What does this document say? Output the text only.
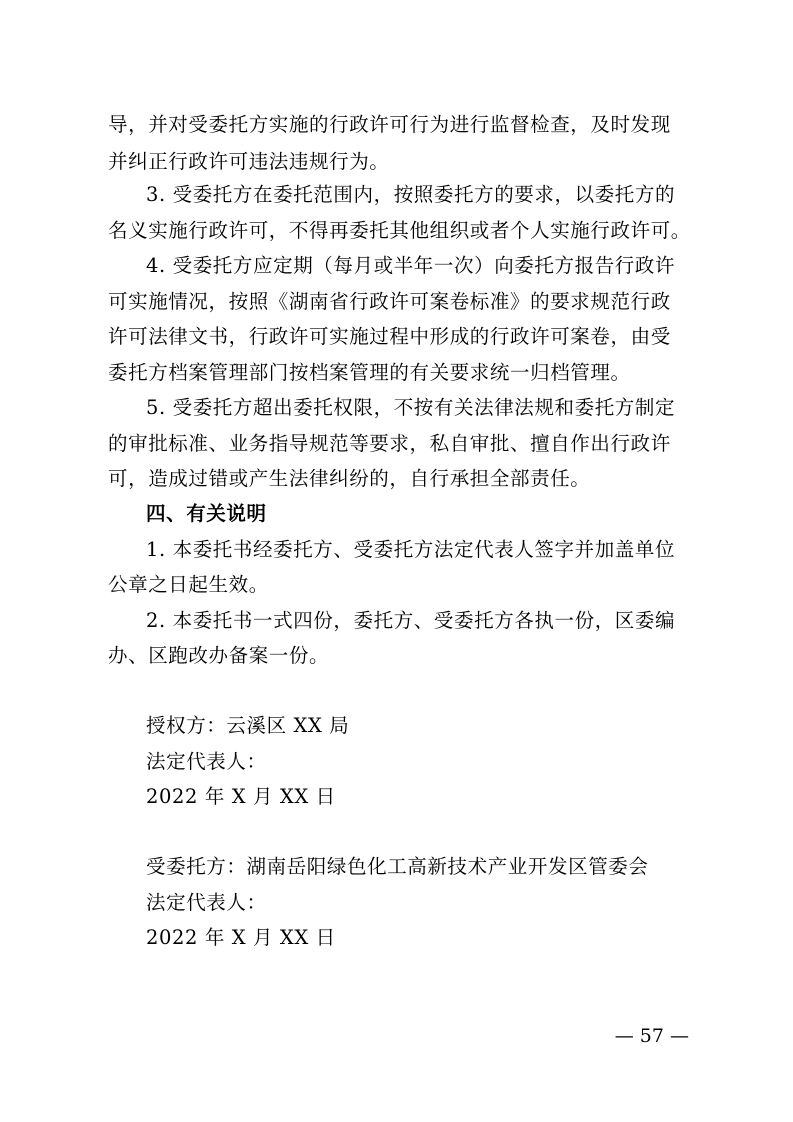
导，并对受委托方实施的行政许可行为进行监督检查，及时发现
并纠正行政许可违法违规行为。
3. 受委托方在委托范围内，按照委托方的要求，以委托方的
名义实施行政许可，不得再委托其他组织或者个人实施行政许可。
4. 受委托方应定期（每月或半年一次）向委托方报告行政许
可实施情况，按照《湖南省行政许可案卷标准》的要求规范行政
许可法律文书，行政许可实施过程中形成的行政许可案卷，由受
委托方档案管理部门按档案管理的有关要求统一归档管理。
5. 受委托方超出委托权限，不按有关法律法规和委托方制定
的审批标准、业务指导规范等要求，私自审批、擅自作出行政许
可，造成过错或产生法律纠纷的，自行承担全部责任。
四、有关说明
1. 本委托书经委托方、受委托方法定代表人签字并加盖单位
公章之日起生效。
2. 本委托书一式四份，委托方、受委托方各执一份，区委编
办、区跑改办备案一份。
授权方：云溪区 XX 局
法定代表人：
2022 年 X 月 XX 日
受委托方：湖南岳阳绿色化工高新技术产业开发区管委会
法定代表人：
2022 年 X 月 XX 日
— 57 —
